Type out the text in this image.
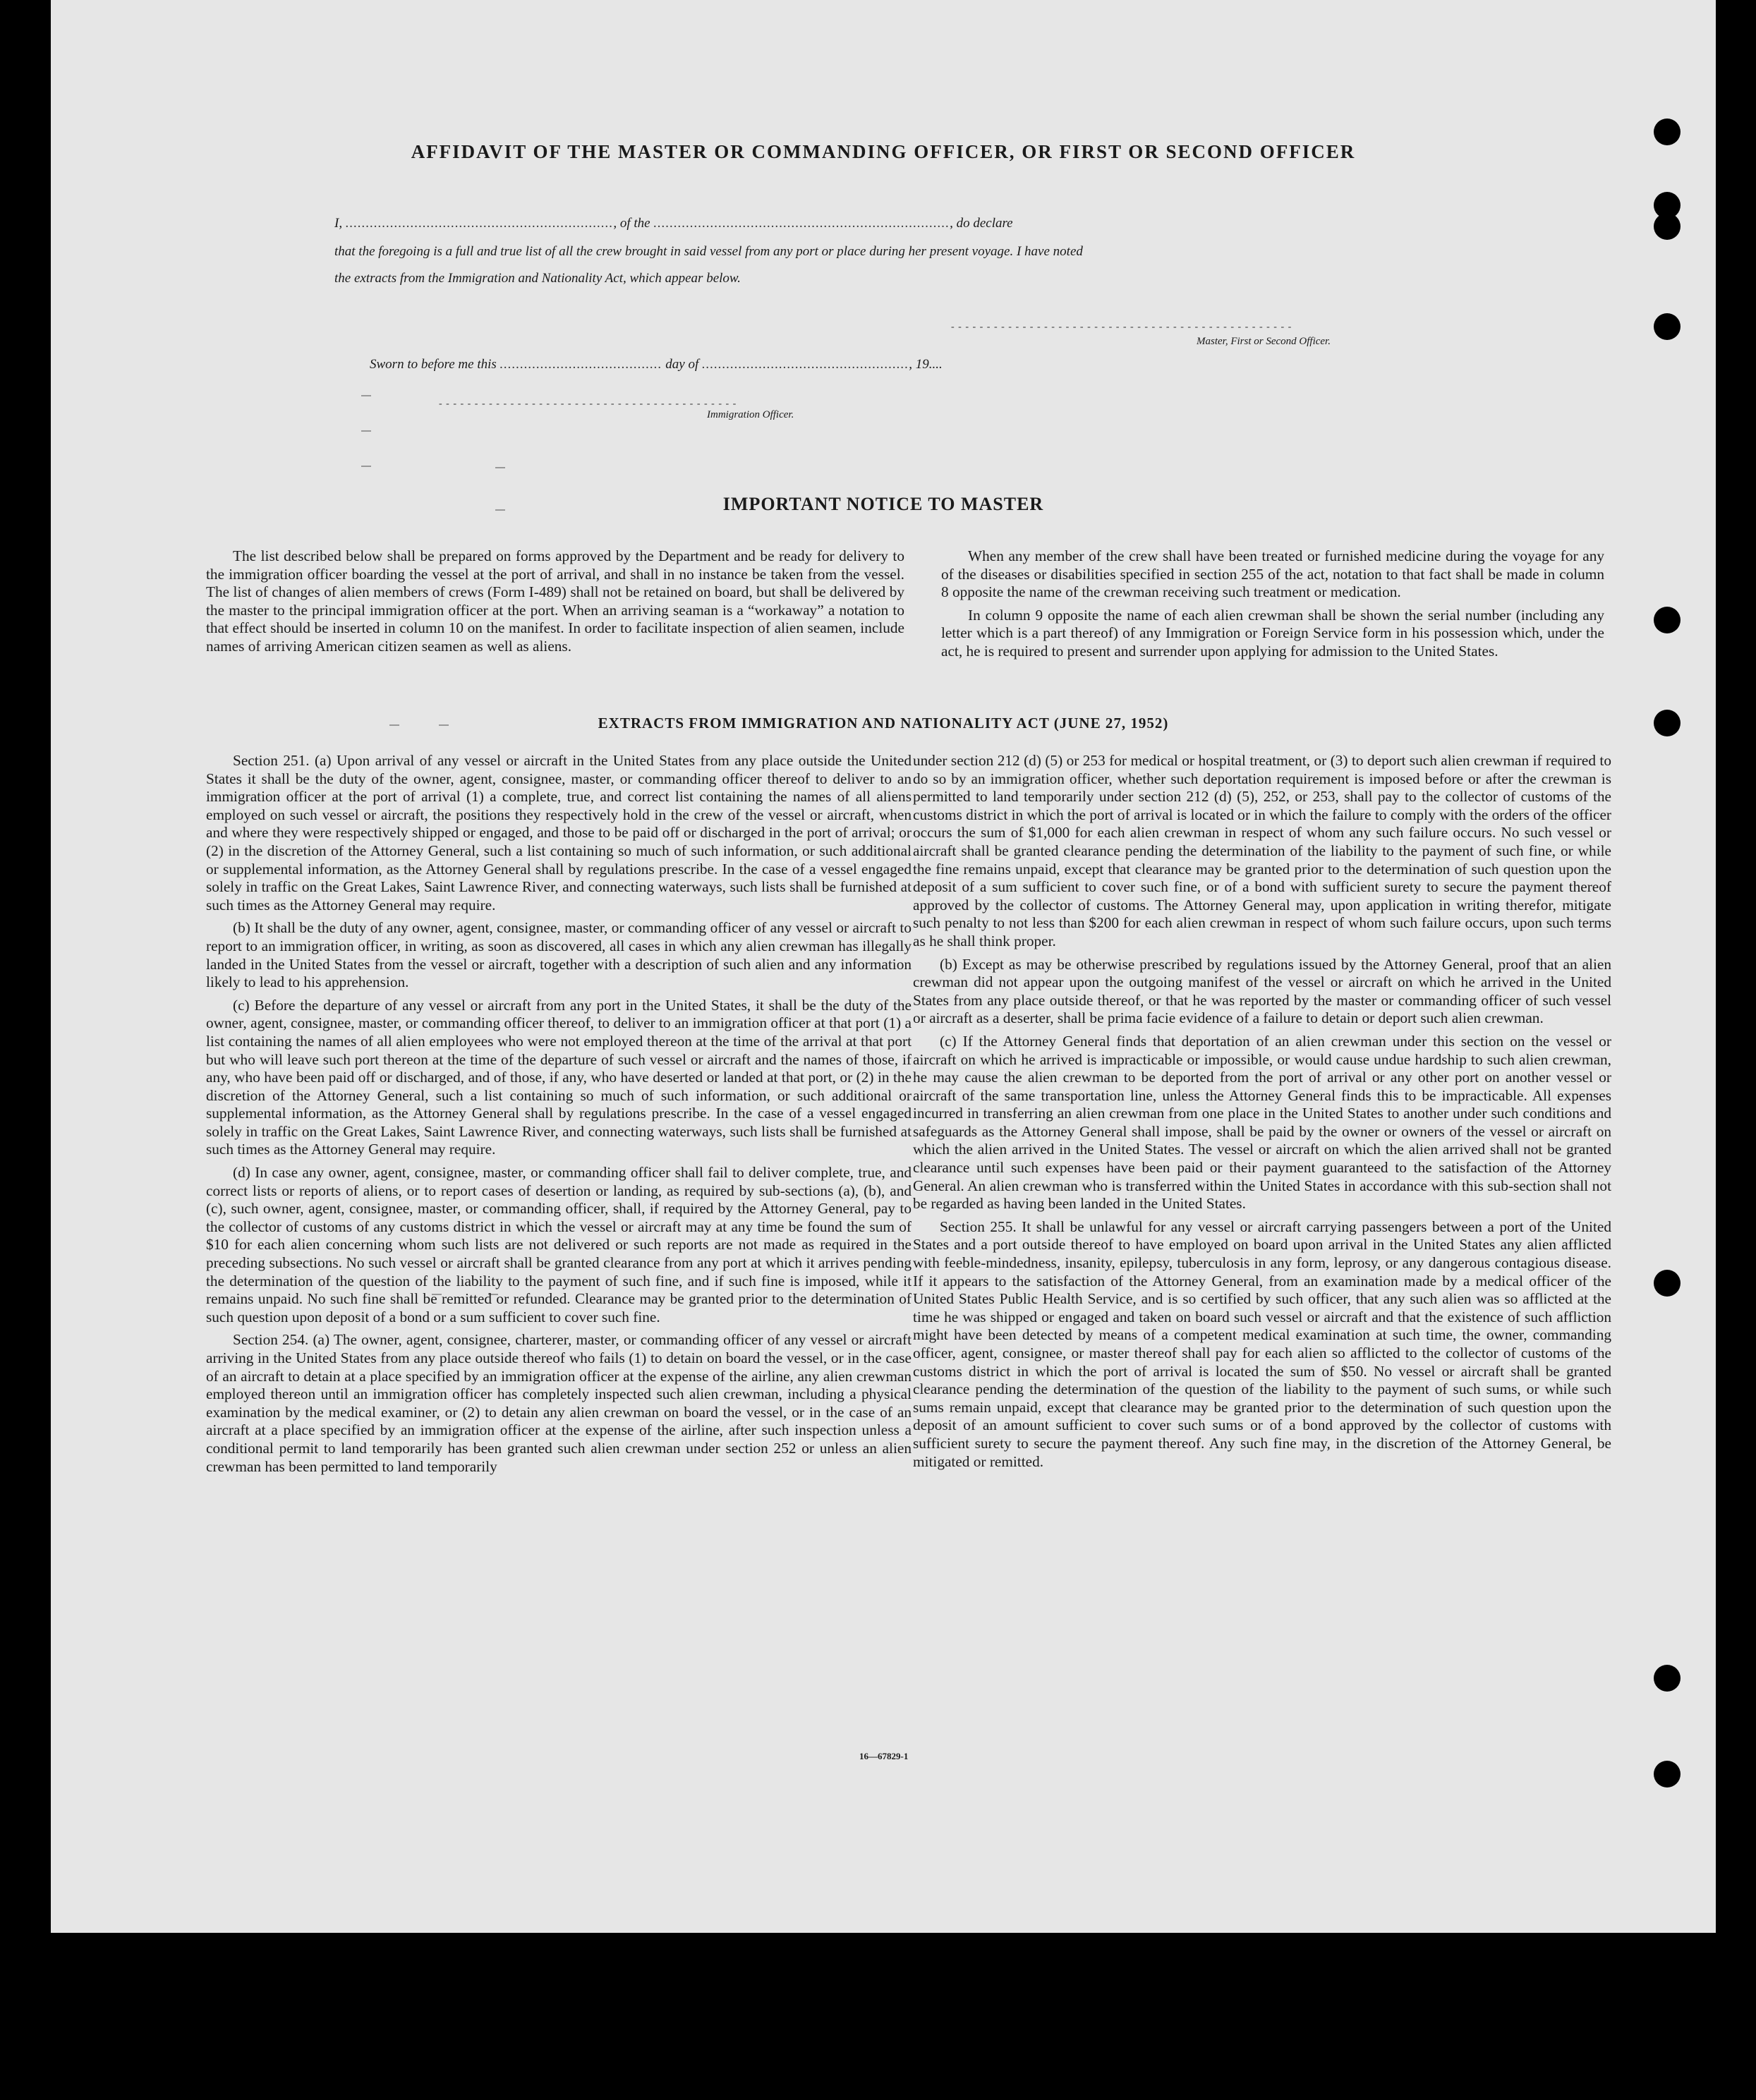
AFFIDAVIT OF THE MASTER OR COMMANDING OFFICER, OR FIRST OR SECOND OFFICER
I, .................................................................., of the ........................................................................., do declare
that the foregoing is a full and true list of all the crew brought in said vessel from any port or place during her present voyage. I have noted
the extracts from the Immigration and Nationality Act, which appear below.
- - - - - - - - - - - - - - - - - - - - - - - - - - - - - - - - - - - - - - - - - - - - - - - -
Master, First or Second Officer.
Sworn to before me this ........................................ day of ..................................................., 19....
- - - - - - - - - - - - - - - - - - - - - - - - - - - - - - - - - - - - - - - - - -
Immigration Officer.
IMPORTANT NOTICE TO MASTER

The list described below shall be prepared on forms approved by the Department and be ready for delivery to the immigration officer boarding the vessel at the port of arrival, and shall in no instance be taken from the vessel. The list of changes of alien members of crews (Form I-489) shall not be retained on board, but shall be delivered by the master to the principal immigration officer at the port. When an arriving seaman is a “workaway” a notation to that effect should be inserted in column 10 on the manifest. In order to facilitate inspection of alien seamen, include names of arriving American citizen seamen as well as aliens.

When any member of the crew shall have been treated or furnished medicine during the voyage for any of the diseases or disabilities specified in section 255 of the act, notation to that fact shall be made in column 8 opposite the name of the crewman receiving such treatment or medication.

In column 9 opposite the name of each alien crewman shall be shown the serial number (including any letter which is a part thereof) of any Immigration or Foreign Service form in his possession which, under the act, he is required to present and surrender upon applying for admission to the United States.

EXTRACTS FROM IMMIGRATION AND NATIONALITY ACT (JUNE 27, 1952)

Section 251. (a) Upon arrival of any vessel or aircraft in the United States from any place outside the United States it shall be the duty of the owner, agent, consignee, master, or commanding officer thereof to deliver to an immigration officer at the port of arrival (1) a complete, true, and correct list containing the names of all aliens employed on such vessel or aircraft, the positions they respectively hold in the crew of the vessel or aircraft, when and where they were respectively shipped or engaged, and those to be paid off or discharged in the port of arrival; or (2) in the discretion of the Attorney General, such a list containing so much of such information, or such additional or supplemental information, as the Attorney General shall by regulations prescribe. In the case of a vessel engaged solely in traffic on the Great Lakes, Saint Lawrence River, and connecting waterways, such lists shall be furnished at such times as the Attorney General may require.

(b) It shall be the duty of any owner, agent, consignee, master, or commanding officer of any vessel or aircraft to report to an immigration officer, in writing, as soon as discovered, all cases in which any alien crewman has illegally landed in the United States from the vessel or aircraft, together with a description of such alien and any information likely to lead to his apprehension.

(c) Before the departure of any vessel or aircraft from any port in the United States, it shall be the duty of the owner, agent, consignee, master, or commanding officer thereof, to deliver to an immigration officer at that port (1) a list containing the names of all alien employees who were not employed thereon at the time of the arrival at that port but who will leave such port thereon at the time of the departure of such vessel or aircraft and the names of those, if any, who have been paid off or discharged, and of those, if any, who have deserted or landed at that port, or (2) in the discretion of the Attorney General, such a list containing so much of such information, or such additional or supplemental information, as the Attorney General shall by regulations prescribe. In the case of a vessel engaged solely in traffic on the Great Lakes, Saint Lawrence River, and connecting waterways, such lists shall be furnished at such times as the Attorney General may require.

(d) In case any owner, agent, consignee, master, or commanding officer shall fail to deliver complete, true, and correct lists or reports of aliens, or to report cases of desertion or landing, as required by sub-sections (a), (b), and (c), such owner, agent, consignee, master, or commanding officer, shall, if required by the Attorney General, pay to the collector of customs of any customs district in which the vessel or aircraft may at any time be found the sum of $10 for each alien concerning whom such lists are not delivered or such reports are not made as required in the preceding subsections. No such vessel or aircraft shall be granted clearance from any port at which it arrives pending the determination of the question of the liability to the payment of such fine, and if such fine is imposed, while it remains unpaid. No such fine shall be remitted or refunded. Clearance may be granted prior to the determination of such question upon deposit of a bond or a sum sufficient to cover such fine.

Section 254. (a) The owner, agent, consignee, charterer, master, or commanding officer of any vessel or aircraft arriving in the United States from any place outside thereof who fails (1) to detain on board the vessel, or in the case of an aircraft to detain at a place specified by an immigration officer at the expense of the airline, any alien crewman employed thereon until an immigration officer has completely inspected such alien crewman, including a physical examination by the medical examiner, or (2) to detain any alien crewman on board the vessel, or in the case of an aircraft at a place specified by an immigration officer at the expense of the airline, after such inspection unless a conditional permit to land temporarily has been granted such alien crewman under section 252 or unless an alien crewman has been permitted to land temporarily

under section 212 (d) (5) or 253 for medical or hospital treatment, or (3) to deport such alien crewman if required to do so by an immigration officer, whether such deportation requirement is imposed before or after the crewman is permitted to land temporarily under section 212 (d) (5), 252, or 253, shall pay to the collector of customs of the customs district in which the port of arrival is located or in which the failure to comply with the orders of the officer occurs the sum of $1,000 for each alien crewman in respect of whom any such failure occurs. No such vessel or aircraft shall be granted clearance pending the determination of the liability to the payment of such fine, or while the fine remains unpaid, except that clearance may be granted prior to the determination of such question upon the deposit of a sum sufficient to cover such fine, or of a bond with sufficient surety to secure the payment thereof approved by the collector of customs. The Attorney General may, upon application in writing therefor, mitigate such penalty to not less than $200 for each alien crewman in respect of whom such failure occurs, upon such terms as he shall think proper.

(b) Except as may be otherwise prescribed by regulations issued by the Attorney General, proof that an alien crewman did not appear upon the outgoing manifest of the vessel or aircraft on which he arrived in the United States from any place outside thereof, or that he was reported by the master or commanding officer of such vessel or aircraft as a deserter, shall be prima facie evidence of a failure to detain or deport such alien crewman.

(c) If the Attorney General finds that deportation of an alien crewman under this section on the vessel or aircraft on which he arrived is impracticable or impossible, or would cause undue hardship to such alien crewman, he may cause the alien crewman to be deported from the port of arrival or any other port on another vessel or aircraft of the same transportation line, unless the Attorney General finds this to be impracticable. All expenses incurred in transferring an alien crewman from one place in the United States to another under such conditions and safeguards as the Attorney General shall impose, shall be paid by the owner or owners of the vessel or aircraft on which the alien arrived in the United States. The vessel or aircraft on which the alien arrived shall not be granted clearance until such expenses have been paid or their payment guaranteed to the satisfaction of the Attorney General. An alien crewman who is transferred within the United States in accordance with this sub-section shall not be regarded as having been landed in the United States.

Section 255. It shall be unlawful for any vessel or aircraft carrying passengers between a port of the United States and a port outside thereof to have employed on board upon arrival in the United States any alien afflicted with feeble-mindedness, insanity, epilepsy, tuberculosis in any form, leprosy, or any dangerous contagious disease. If it appears to the satisfaction of the Attorney General, from an examination made by a medical officer of the United States Public Health Service, and is so certified by such officer, that any such alien was so afflicted at the time he was shipped or engaged and taken on board such vessel or aircraft and that the existence of such affliction might have been detected by means of a competent medical examination at such time, the owner, commanding officer, agent, consignee, or master thereof shall pay for each alien so afflicted to the collector of customs of the customs district in which the port of arrival is located the sum of $50. No vessel or aircraft shall be granted clearance pending the determination of the question of the liability to the payment of such sums, or while such sums remain unpaid, except that clearance may be granted prior to the determination of such question upon the deposit of an amount sufficient to cover such sums or of a bond approved by the collector of customs with sufficient surety to secure the payment thereof. Any such fine may, in the discretion of the Attorney General, be mitigated or remitted.

16—67829-1
